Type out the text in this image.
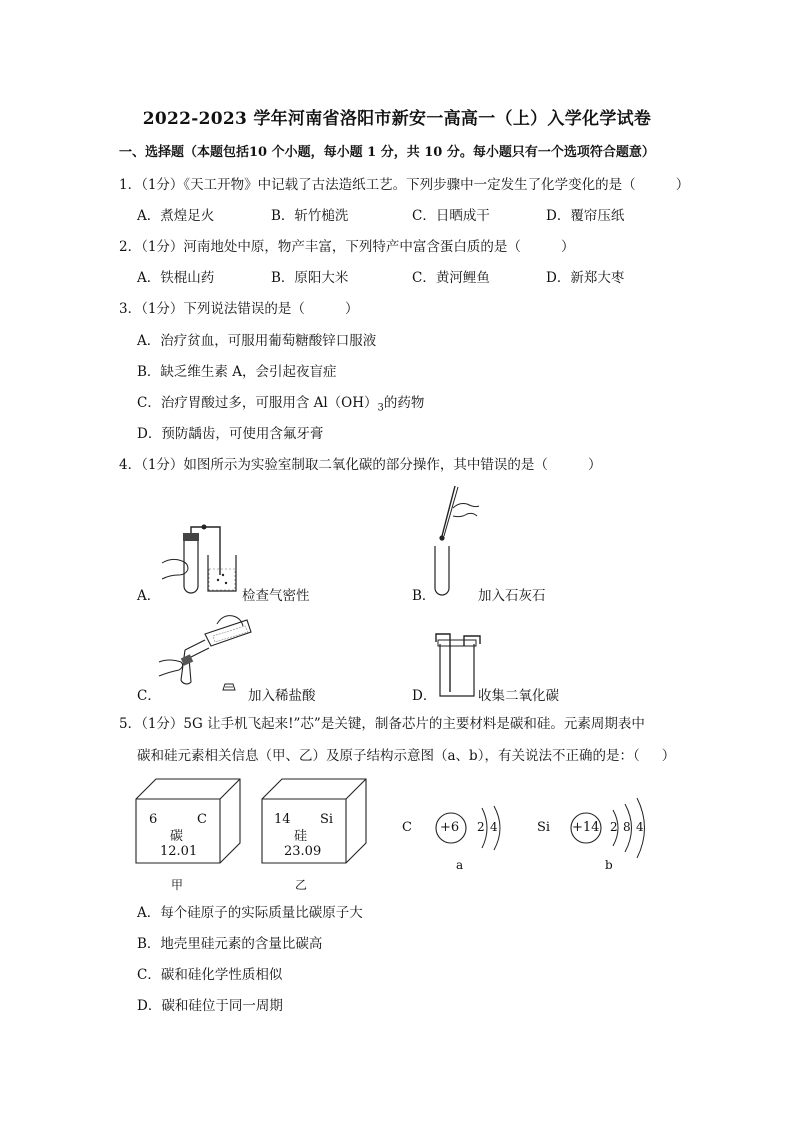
2022-2023 学年河南省洛阳市新安一高高一（上）入学化学试卷
一、选择题（本题包括10 个小题，每小题 1 分，共 10 分。每小题只有一个选项符合题意）
1．（1分）《天工开物》中记载了古法造纸工艺。下列步骤中一定发生了化学变化的是（	）
A．煮煌足火	B．斩竹槌洗	C．日晒成干	D．覆帘压纸
2．（1分）河南地处中原，物产丰富，下列特产中富含蛋白质的是（	）
A．铁棍山药	B．原阳大米	C．黄河鲤鱼	D．新郑大枣
3．（1分）下列说法错误的是（	）
A．治疗贫血，可服用葡萄糖酸锌口服液
B．缺乏维生素 A，会引起夜盲症
C．治疗胃酸过多，可服用含 $Al(OH)_3$的药物
D．预防龋齿，可使用含氟牙膏
4．（1分）如图所示为实验室制取二氧化碳的部分操作，其中错误的是（	）
A．	检查气密性	B．	加入石灰石
C．	加入稀盐酸	D．	收集二氧化碳
5．（1分）5G 让手机飞起来!”芯”是关键，制备芯片的主要材料是碳和硅。元素周期表中
碳和硅元素相关信息（甲、乙）及原子结构示意图（a、b），有关说法不正确的是：（ ）
6	C
碳
12.01
甲
14 Si
硅
23.09
乙
C +6 2 4
a
Si +14 2 8 4
b
A．每个硅原子的实际质量比碳原子大
B．地壳里硅元素的含量比碳高
C．碳和硅化学性质相似
D．碳和硅位于同一周期
